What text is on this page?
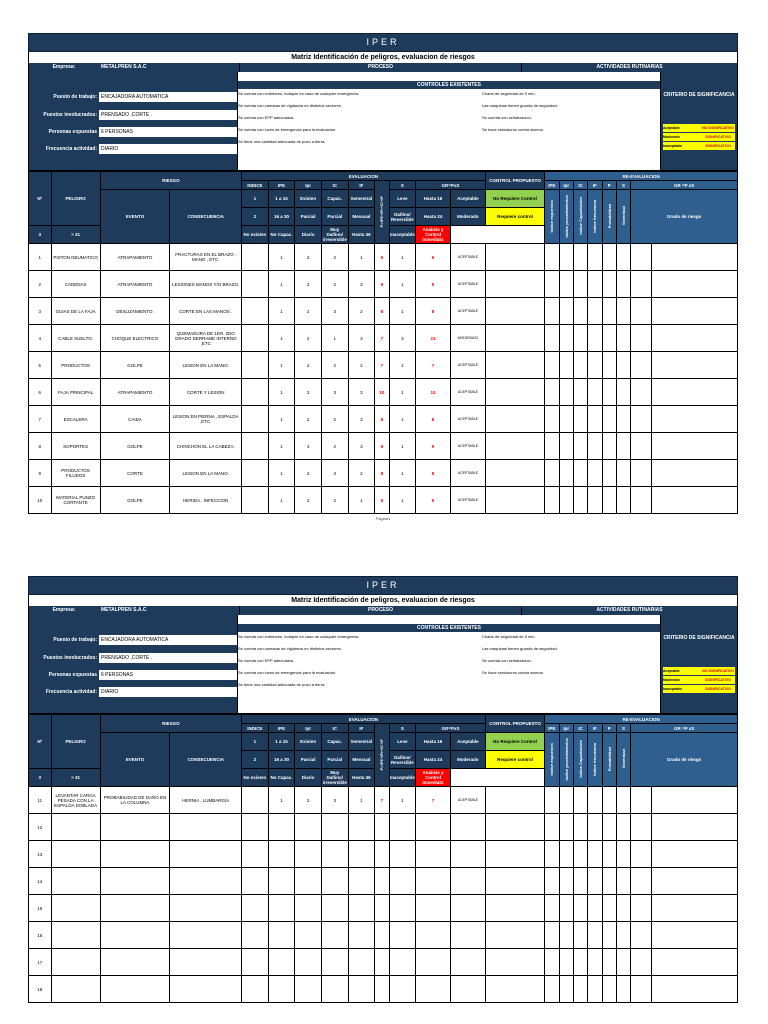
IPER
Matriz Identificación de peligros, evaluacion de riesgos
Empresa:	METALPREN S.A.C	PROCESO	ACTIVIDADES RUTINARIAS
Puesto de trabajo: ENCAJADORA AUTOMATICA
Puestos involucrados: PRENSADO ,CORTE .
Personas expuestas 6 PERSONAS
Frecuencia actividad: DIARIO
CONTROLES EXISTENTES
Se cuenta con extintores, botiquin en caso de cualquier emergencia.
Se cuenta con camaras de vigilancia en distintos sectores.
Se cuenta con EPP adecuados.
Se cuenta con luces de emergencia para la evaluacion.
Se tiene una cantidad adecuada de pozo a tierra.
Charla de seguridad de 5 min.
Las maquinas tienen guarda de seguridad.
Se cuenta con señalizacion.
Se hace simulacros contra sismos.
CRITERIO DE SIGNIFICANCIA
Aceptable	NO SIGNIFICATIVO
Moderado	SIGNIFICATIVO
Inaceptable	SIGNIFICATIVO
Nº	PELIGRO	RIESGO		EVALUACION									CONTROL PROPUESTO	RE-EVALUACION							
				INDICE	IPE	Ipr	IC	IF	P=IPE+IPr+IC+IF	S	GR=PxS			IPE	Ipr	IC	IF	P	S	GR =P xS	
		EVENTO	CONSECUENCIA	1	1 a 15	Existen	Capac.	Semestral		Leve	Hasta 16	Aceptable	No Requiere Control	Indice expuestos	Indice procedimientos	Indice Capacitación	Indice frecuencia	Probabilidad	Severidad	Grado de riesgo	
				2	16 a 30	Parcial	Parcial	Mensual		Dañino/ Reversible	Hasta 24	Moderado	Requiere control								
3	> 31			No existen	No Capac.	Diario	Muy Dañino/ irreversible	Hasta 36		Inaceptable	Análisis y Control inmediato										
1	PISTON NEUMATICO	ATRAPAMIENTO	FRACTURAS EN EL BRAZO , MANO , ETC.		1	2	2	1	6	1	6	ACEPTABLE									
2	CADENAS	ATRAPAMIENTO	LESIONES MANOS Y/O BRAZO.		1	3	2	3	9	1	9	ACEPTABLE									
3	GUIAS DE LA FAJA	DESLIZAMIENTO.	CORTE EN LAS MANOS .		1	2	3	2	8	1	8	ACEPTABLE									
4	CABLE SUELTO.	CHOQUE ELECTRICO	QUEMADURA DE 1ER. 2DO GRADO DERRAME INTERNO ,ETC		1	2	1	3	7	3	21	MODERADO									
5	PRODUCTOS	GOLPE	LESION EN LA MANO.		1	2	2	2	7	1	7	ACEPTABLE									
6	FAJA PRINCIPAL	ATRAPAMIENTO	CORTE Y LESION		1	3	3	3	10	1	10	ACEPTABLE									
7	ESCALERA	CAIDA	LESION EN PIERNA , ESPALDA ,ETC.		1	2	2	3	8	1	8	ACEPTABLE									
8	SOPORTES	GOLPE	CHINCHON EL LA CABEZA.		1	3	2	3	9	1	9	ACEPTABLE									
9	PRODUCTOS FILUDOS	CORTE	LESION EN LA MANO.		1	2	3	2	8	1	8	ACEPTABLE									
10	MATERIAL PUNZO CORTANTE	GOLPE	HERIDA , INFECCION		1	2	2	1	6	1	6	ACEPTABLE									
Página1
IPER
Matriz Identificación de peligros, evaluacion de riesgos
Empresa:	METALPREN S.A.C	PROCESO	ACTIVIDADES RUTINARIAS
Puesto de trabajo: ENCAJADORA AUTOMATICA
Puestos involucrados: PRENSADO ,CORTE .
Personas expuestas 6 PERSONAS
Frecuencia actividad: DIARIO
CONTROLES EXISTENTES
Se cuenta con extintores, botiquin en caso de cualquier emergencia.
Se cuenta con camaras de vigilancia en distintos sectores.
Se cuenta con EPP adecuados.
Se cuenta con luces de emergencia para la evaluacion.
Se tiene una cantidad adecuada de pozo a tierra.
Charla de seguridad de 5 min.
Las maquinas tienen guarda de seguridad.
Se cuenta con señalizacion.
Se hace simulacros contra sismos.
CRITERIO DE SIGNIFICANCIA
Aceptable	NO SIGNIFICATIVO
Moderado	SIGNIFICATIVO
Inaceptable	SIGNIFICATIVO
Nº	PELIGRO	RIESGO		EVALUACION									CONTROL PROPUESTO	RE-EVALUACION							
				INDICE	IPE	Ipr	IC	IF	P=IPE+IPr+IC+IF	S	GR=PxS			IPE	Ipr	IC	IF	P	S	GR =P xS	
		EVENTO	CONSECUENCIA	1	1 a 15	Existen	Capac.	Semestral		Leve	Hasta 16	Aceptable	No Requiere Control	Indice expuestos	Indice procedimientos	Indice Capacitación	Indice frecuencia	Probabilidad	Severidad	Grado de riesgo	
				2	16 a 30	Parcial	Parcial	Mensual		Dañino/ Reversible	Hasta 24	Moderado	Requiere control								
3	> 31			No existen	No Capac.	Diario	Muy Dañino/ irreversible	Hasta 36		Inaceptable	Análisis y Control inmediato										
11	LEVANTAR CARGA PESADA CON LA ESPALDA DOBLADA	PROBABILIDAD DE DAÑO EN LA COLUMNA	HERNIA , LUMBARGIA		1	2	3	1	7	1	7	ACEPTABLE									
12																					
13																					
14																					
15																					
16																					
17																					
18																					
